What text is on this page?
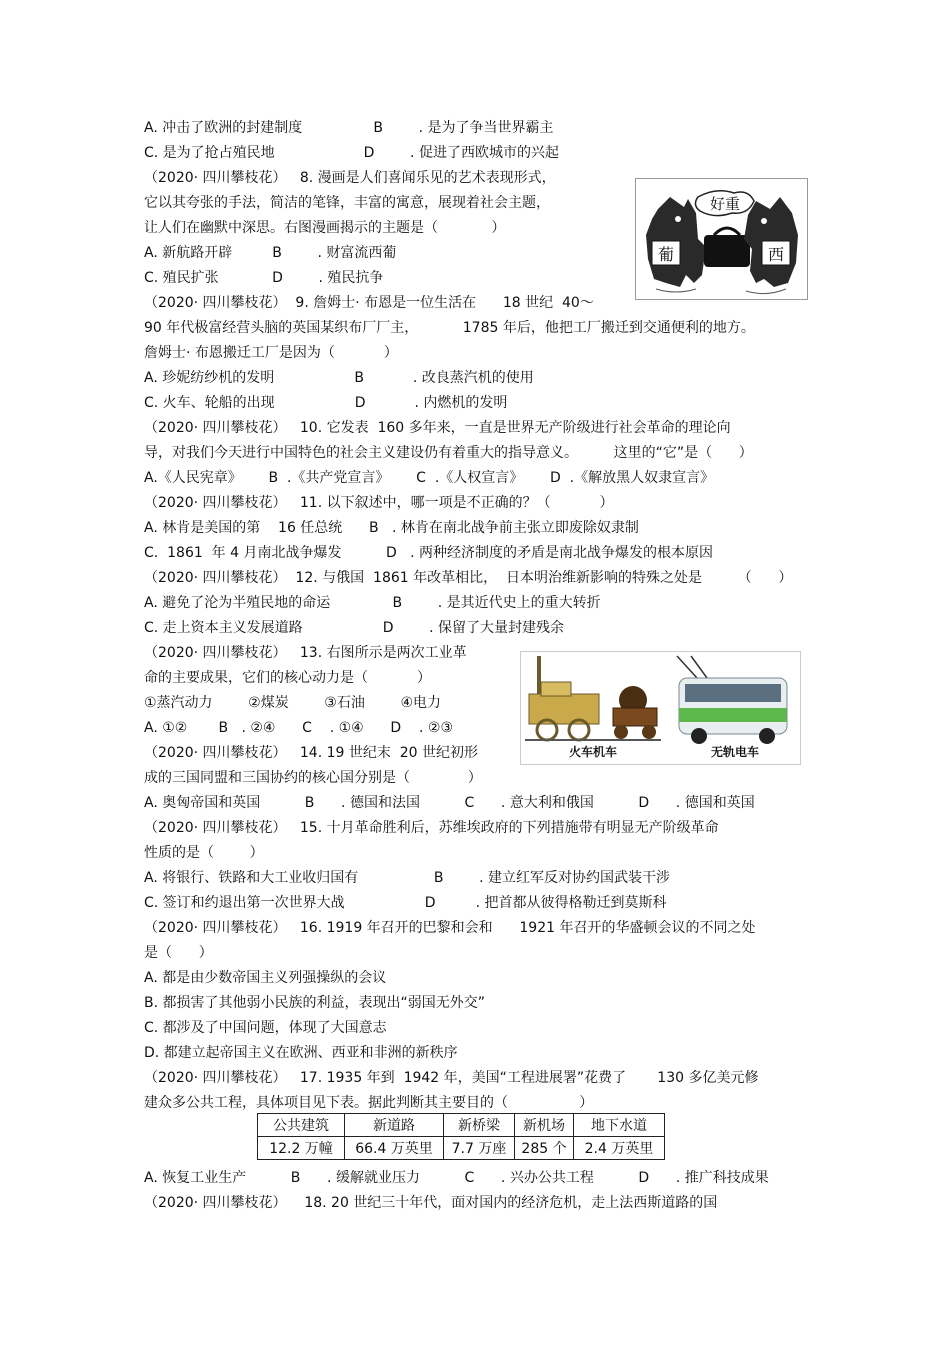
A. 冲击了欧洲的封建制度                B        . 是为了争当世界霸主
C. 是为了抢占殖民地                    D        . 促进了西欧城市的兴起
（2020· 四川攀枝花）   8. 漫画是人们喜闻乐见的艺术表现形式，
它以其夸张的手法，简洁的笔锋，丰富的寓意，展现着社会主题，
让人们在幽默中深思。右图漫画揭示的主题是（            ）
A. 新航路开辟         B        . 财富流西葡
C. 殖民扩张            D        . 殖民抗争
（2020· 四川攀枝花）  9. 詹姆士· 布恩是一位生活在      18 世纪  40～
90 年代极富经营头脑的英国某织布厂厂主，          1785 年后，他把工厂搬迁到交通便利的地方。
詹姆士· 布恩搬迁工厂是因为（           ）
A. 珍妮纺纱机的发明                  B           . 改良蒸汽机的使用
C. 火车、轮船的出现                  D           . 内燃机的发明
（2020· 四川攀枝花）   10. 它发表  160 多年来，一直是世界无产阶级进行社会革命的理论向
导，对我们今天进行中国特色的社会主义建设仍有着重大的指导意义。        这里的“它”是（      ）
A.《人民宪章》      B  .《共产党宣言》      C  .《人权宣言》      D  .《解放黑人奴隶宣言》
（2020· 四川攀枝花）   11. 以下叙述中，哪一项是不正确的？（           ）
A. 林肯是美国的第    16 任总统      B   . 林肯在南北战争前主张立即废除奴隶制
C.  1861  年 4 月南北战争爆发          D   . 两种经济制度的矛盾是南北战争爆发的根本原因
（2020· 四川攀枝花）  12. 与俄国  1861 年改革相比，  日本明治维新影响的特殊之处是        （      ）
A. 避免了沦为半殖民地的命运              B        . 是其近代史上的重大转折
C. 走上资本主义发展道路                  D        . 保留了大量封建残余
（2020· 四川攀枝花）   13. 右图所示是两次工业革
命的主要成果，它们的核心动力是（           ）
①蒸汽动力        ②煤炭        ③石油        ④电力
A. ①②       B   . ②④      C    . ①④      D    . ②③
（2020· 四川攀枝花）   14. 19 世纪末  20 世纪初形
成的三国同盟和三国协约的核心国分别是（             ）
A. 奥匈帝国和英国          B      . 德国和法国          C      . 意大利和俄国          D      . 德国和英国
（2020· 四川攀枝花）   15. 十月革命胜利后，苏维埃政府的下列措施带有明显无产阶级革命
性质的是（        ）
A. 将银行、铁路和大工业收归国有                 B        . 建立红军反对协约国武装干涉
C. 签订和约退出第一次世界大战                  D         . 把首都从彼得格勒迁到莫斯科
（2020· 四川攀枝花）   16. 1919 年召开的巴黎和会和      1921 年召开的华盛顿会议的不同之处
是（      ）
A. 都是由少数帝国主义列强操纵的会议
B. 都损害了其他弱小民族的利益，表现出“弱国无外交”
C. 都涉及了中国问题，体现了大国意志
D. 都建立起帝国主义在欧洲、西亚和非洲的新秩序
（2020· 四川攀枝花）   17. 1935 年到  1942 年，美国“工程进展署”花费了       130 多亿美元修
建众多公共工程，具体项目见下表。据此判断其主要目的（                ）
A. 恢复工业生产          B      . 缓解就业压力          C      . 兴办公共工程          D      . 推广科技成果
（2020· 四川攀枝花）    18. 20 世纪三十年代，面对国内的经济危机，走上法西斯道路的国
好重
葡	西
火车机车	无轨电车
公共建筑	新道路	新桥梁	新机场	地下水道
12.2 万幢	66.4 万英里	7.7 万座	285 个	2.4 万英里
